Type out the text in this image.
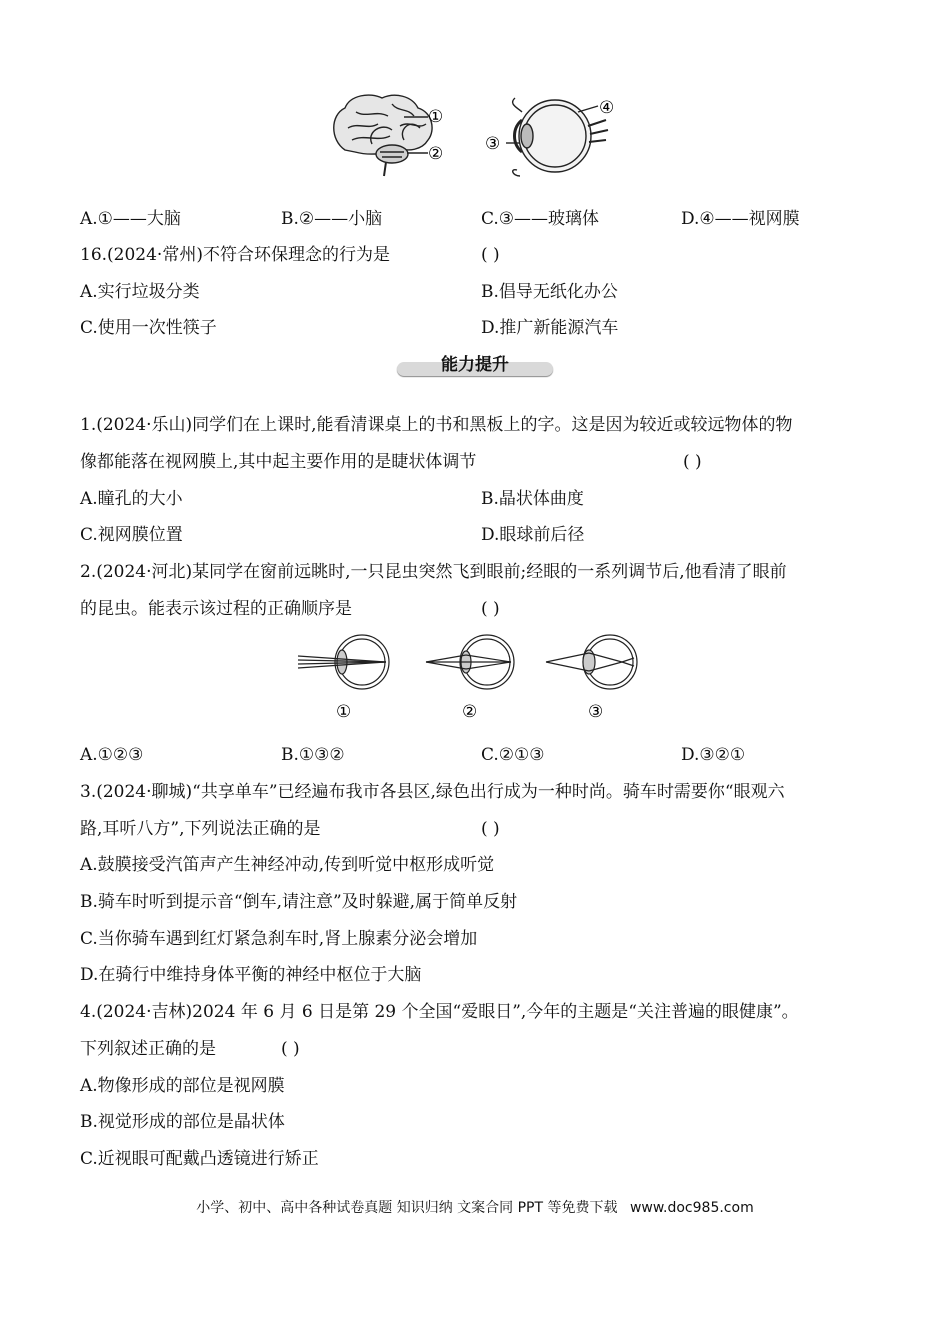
①
② ③
④
A.①——大脑	B.②——小脑	C.③——玻璃体	D.④——视网膜
16.(2024·常州)不符合环保理念的行为是	( )
A.实行垃圾分类	B.倡导无纸化办公
C.使用一次性筷子	D.推广新能源汽车
能力提升
1.(2024·乐山)同学们在上课时,能看清课桌上的书和黑板上的字。这是因为较近或较远物体的物
像都能落在视网膜上,其中起主要作用的是睫状体调节	( )
A.瞳孔的大小	B.晶状体曲度
C.视网膜位置	D.眼球前后径
2.(2024·河北)某同学在窗前远眺时,一只昆虫突然飞到眼前;经眼的一系列调节后,他看清了眼前
的昆虫。能表示该过程的正确顺序是	( )
①	②	③
A.①②③	B.①③②	C.②①③	D.③②①
3.(2024·聊城)“共享单车”已经遍布我市各县区,绿色出行成为一种时尚。骑车时需要你“眼观六
路,耳听八方”,下列说法正确的是	( )
A.鼓膜接受汽笛声产生神经冲动,传到听觉中枢形成听觉
B.骑车时听到提示音“倒车,请注意”及时躲避,属于简单反射
C.当你骑车遇到红灯紧急刹车时,肾上腺素分泌会增加
D.在骑行中维持身体平衡的神经中枢位于大脑
4.(2024·吉林)2024 年 6 月 6 日是第 29 个全国“爱眼日”,今年的主题是“关注普遍的眼健康”。
下列叙述正确的是	( )
A.物像形成的部位是视网膜
B.视觉形成的部位是晶状体
C.近视眼可配戴凸透镜进行矫正
小学、初中、高中各种试卷真题 知识归纳 文案合同 PPT 等免费下载 www.doc985.com
